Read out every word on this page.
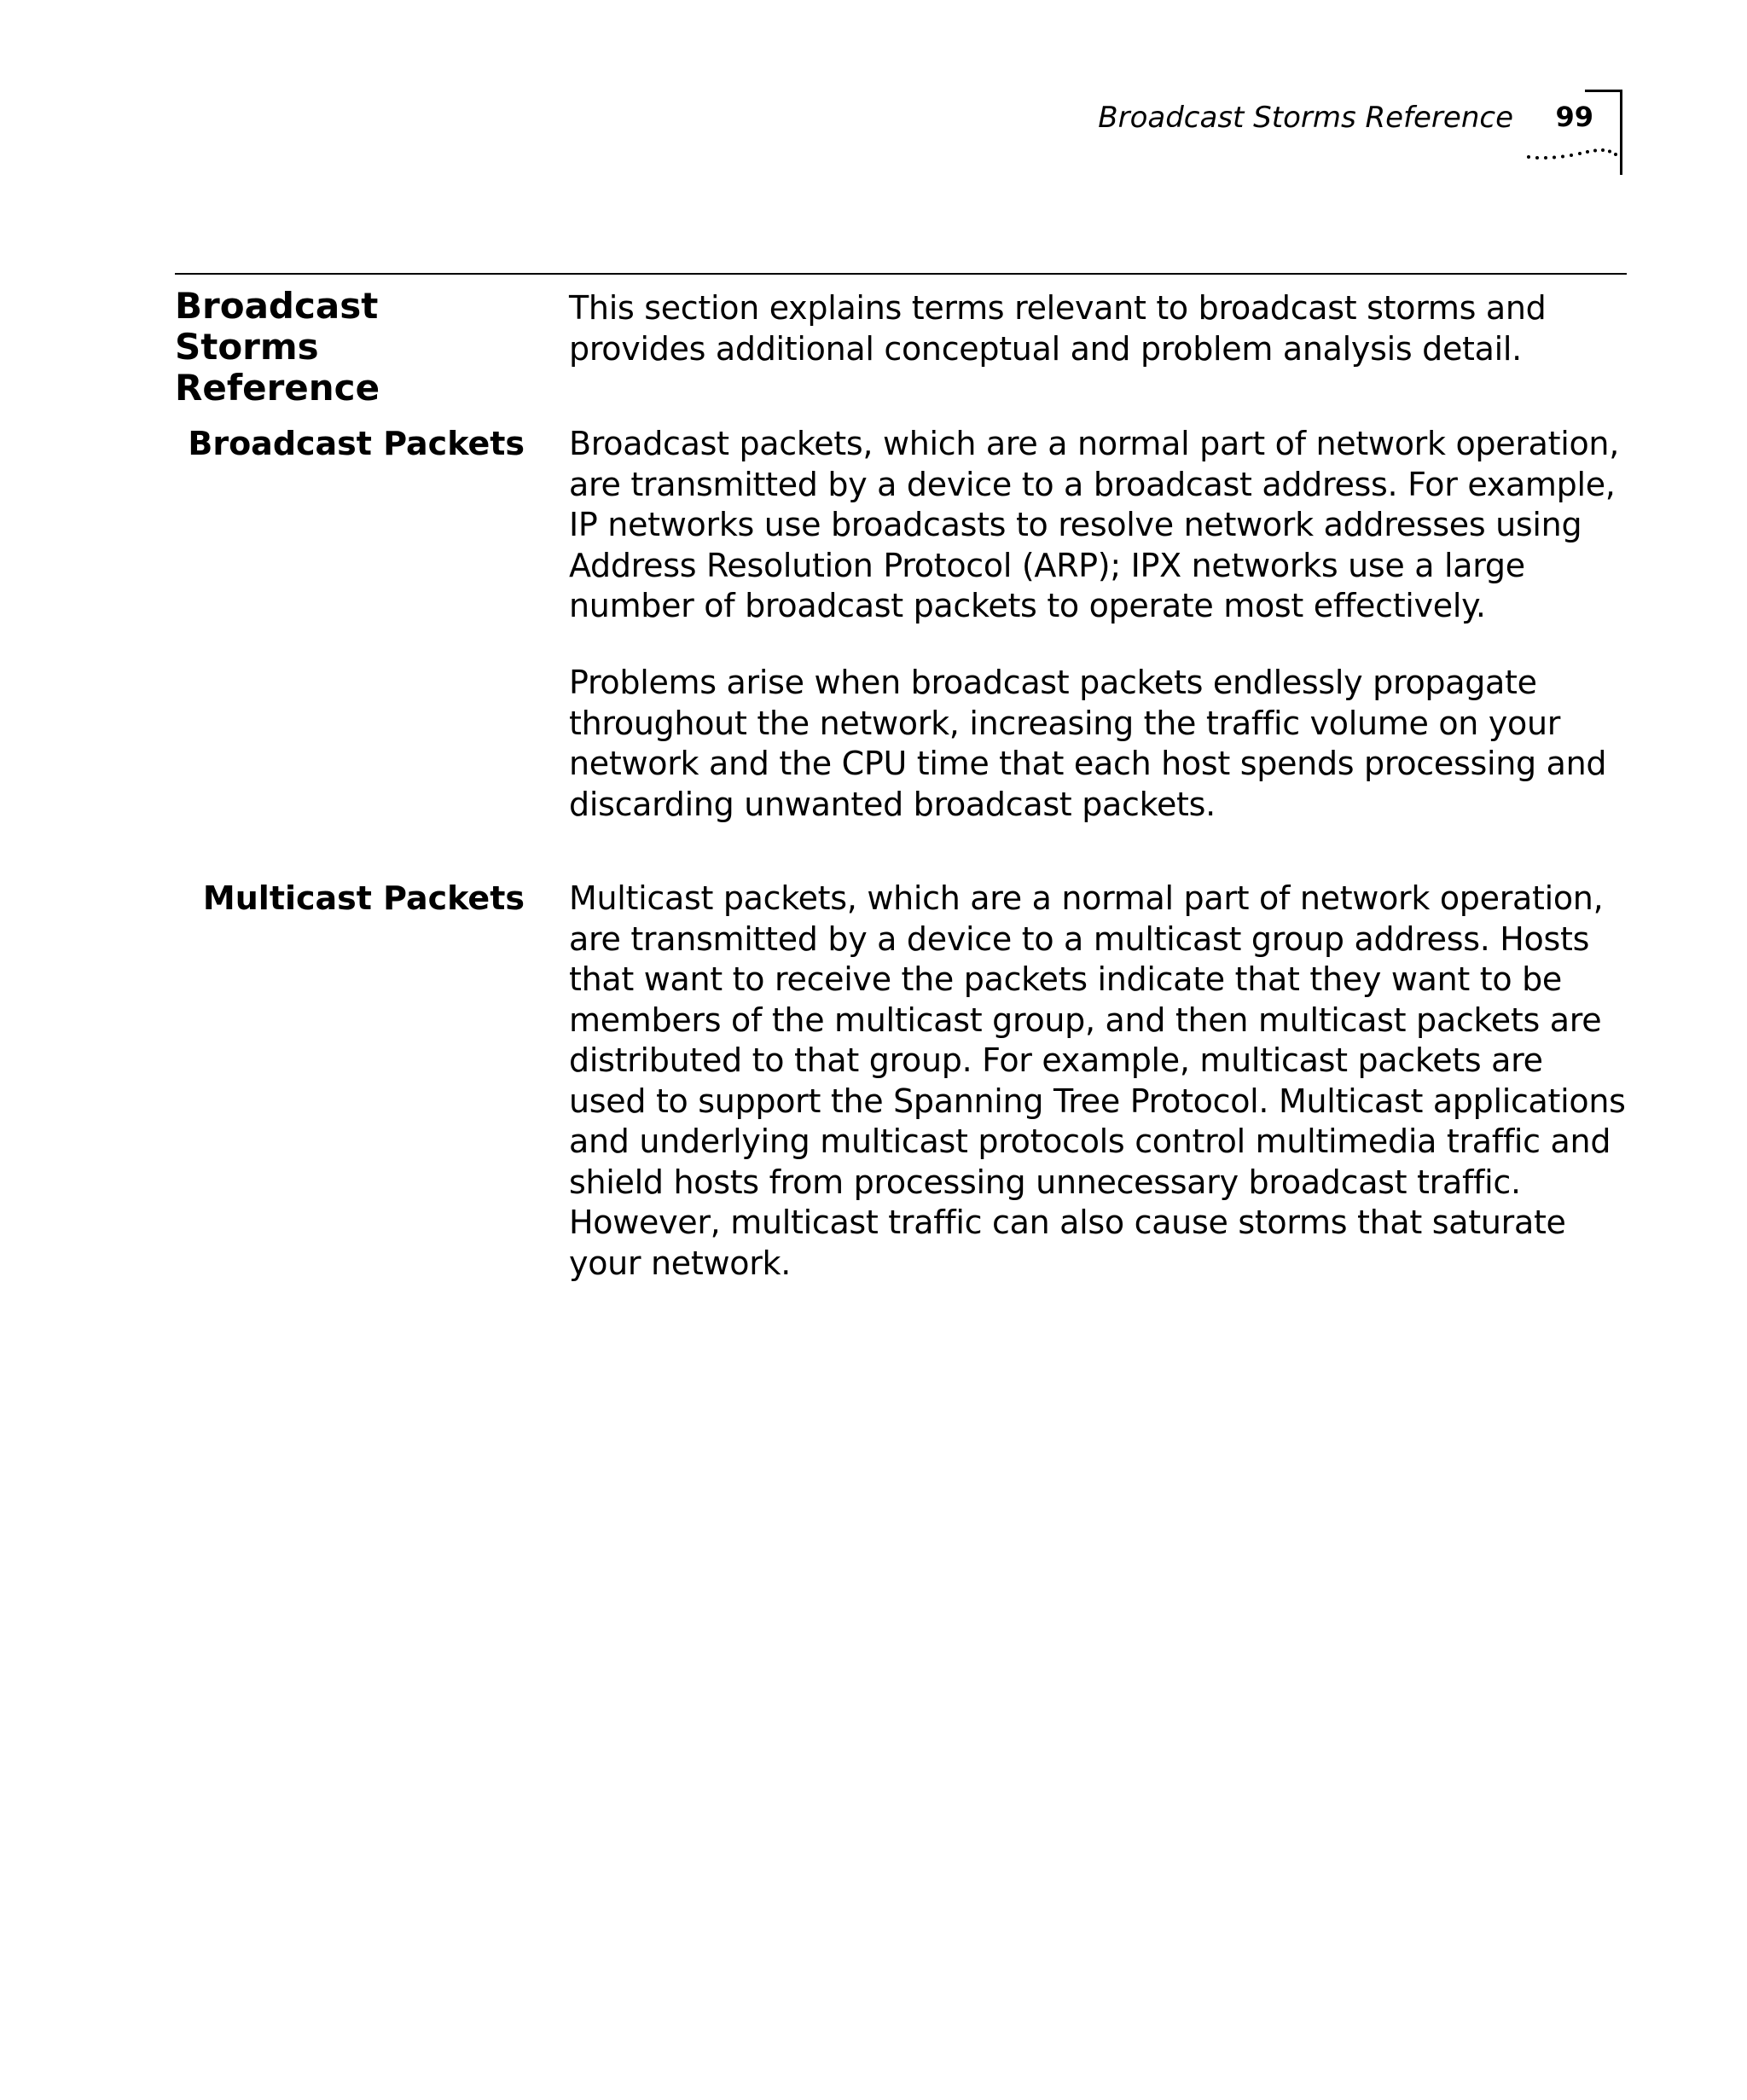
Broadcast Storms Reference 99
Broadcast Storms Reference

This section explains terms relevant to broadcast storms and provides additional conceptual and problem analysis detail.

Broadcast Packets Broadcast packets, which are a normal part of network operation, are transmitted by a device to a broadcast address. For example, IP networks use broadcasts to resolve network addresses using Address Resolution Protocol (ARP); IPX networks use a large number of broadcast packets to operate most effectively.

Problems arise when broadcast packets endlessly propagate throughout the network, increasing the traffic volume on your network and the CPU time that each host spends processing and discarding unwanted broadcast packets.

Multicast Packets Multicast packets, which are a normal part of network operation, are transmitted by a device to a multicast group address. Hosts that want to receive the packets indicate that they want to be members of the multicast group, and then multicast packets are distributed to that group. For example, multicast packets are used to support the Spanning Tree Protocol. Multicast applications and underlying multicast protocols control multimedia traffic and shield hosts from processing unnecessary broadcast traffic. However, multicast traffic can also cause storms that saturate your network.
